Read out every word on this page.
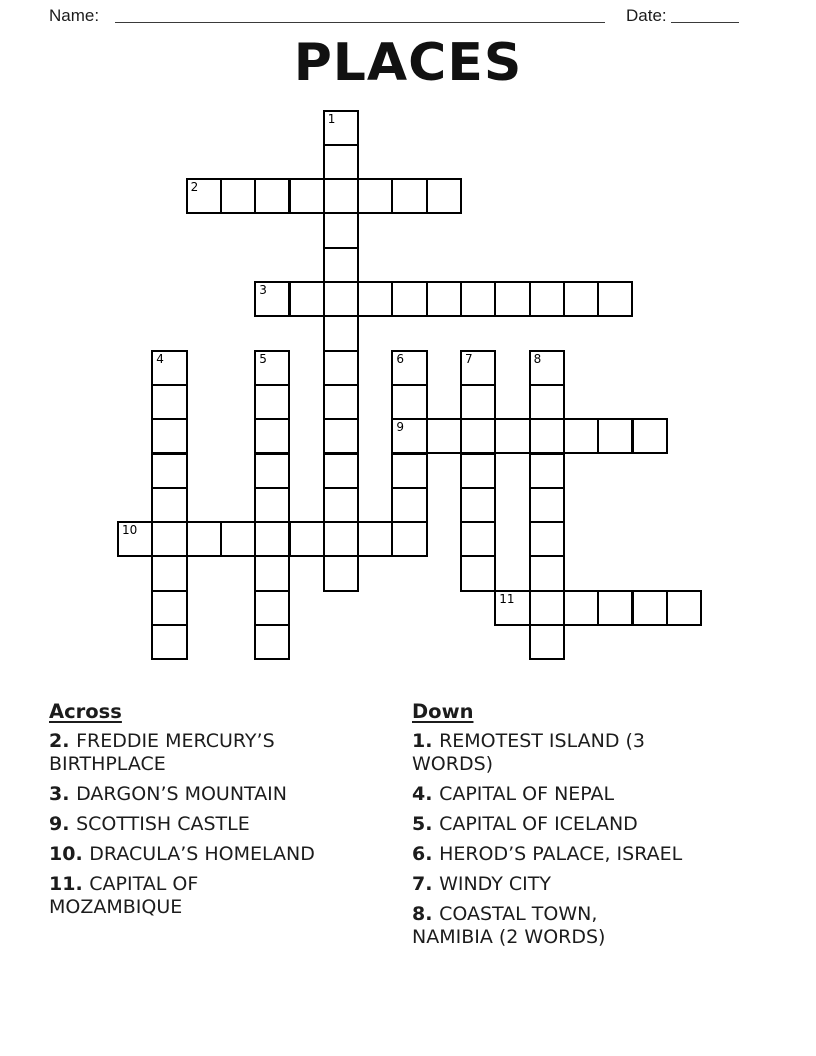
Name:	Date:
PLACES
1
2
3
4	5	6
9
7	8
10
11
Across
2. FREDDIE MERCURY’S
BIRTHPLACE
3. DARGON’S MOUNTAIN
9. SCOTTISH CASTLE
10. DRACULA’S HOMELAND
11. CAPITAL OF
MOZAMBIQUE
Down
1. REMOTEST ISLAND (3
WORDS)
4. CAPITAL OF NEPAL
5. CAPITAL OF ICELAND
6. HEROD’S PALACE, ISRAEL
7. WINDY CITY
8. COASTAL TOWN,
NAMIBIA (2 WORDS)
